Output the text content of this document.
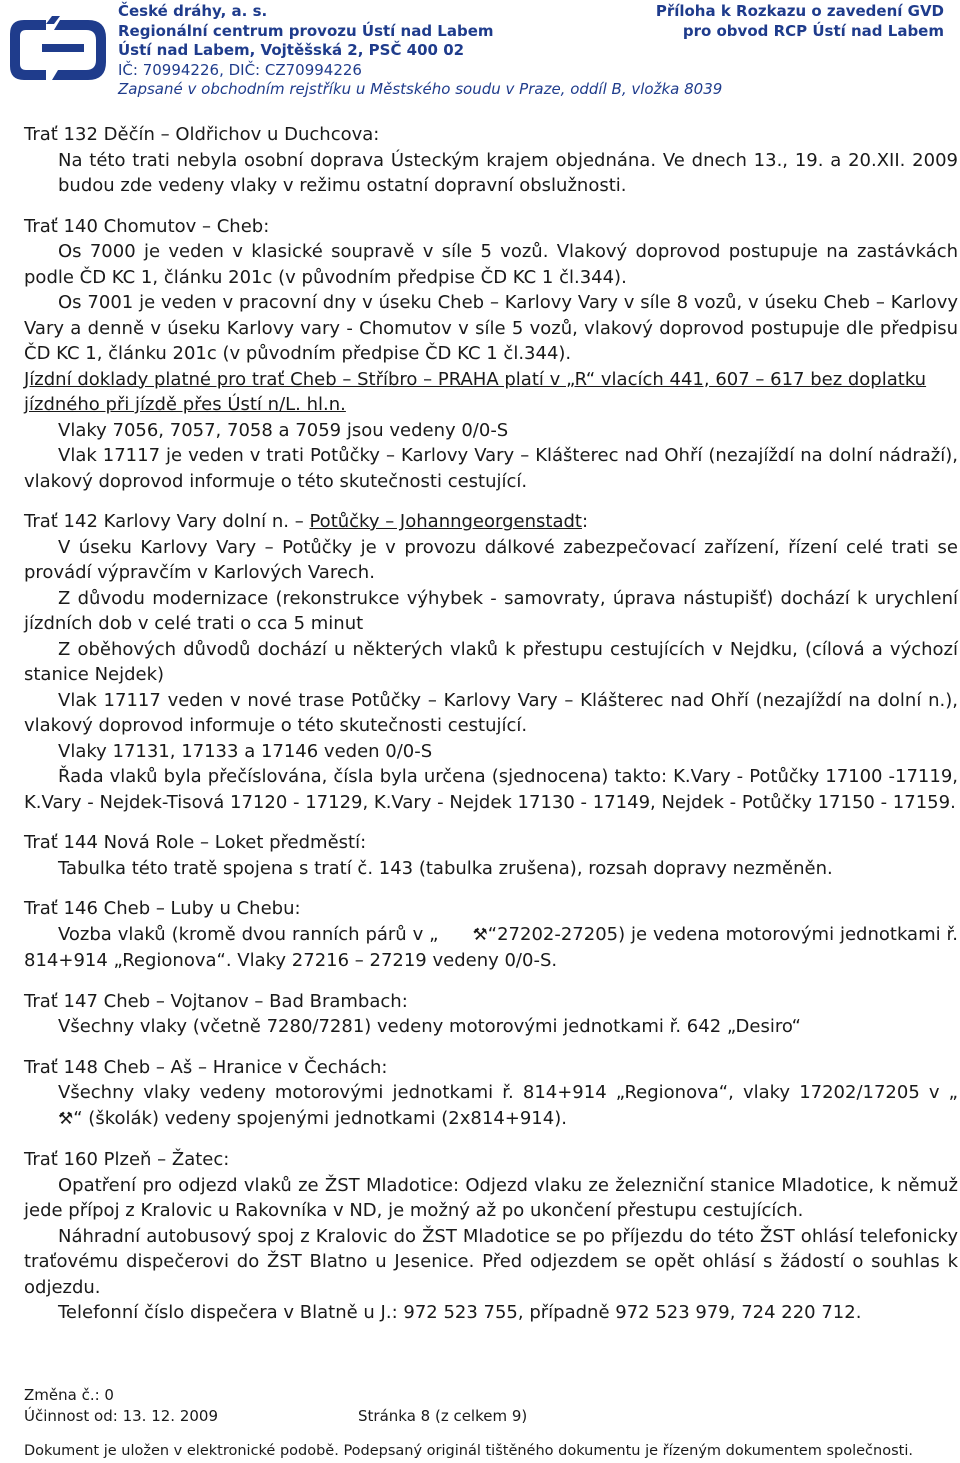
České dráhy, a. s.
Regionální centrum provozu Ústí nad Labem
Ústí nad Labem, Vojtěšská 2, PSČ 400 02
IČ: 70994226, DIČ: CZ70994226
Zapsané v obchodním rejstříku u Městského soudu v Praze, oddíl B, vložka 8039
Příloha k Rozkazu o zavedení GVD
pro obvod RCP Ústí nad Labem

Trať 132 Děčín – Oldřichov u Duchcova:

Na této trati nebyla osobní doprava Ústeckým krajem objednána. Ve dnech 13., 19. a 20.XII. 2009 budou zde vedeny vlaky v režimu ostatní dopravní obslužnosti.

Trať 140 Chomutov – Cheb:

Os 7000 je veden v klasické soupravě v síle 5 vozů. Vlakový doprovod postupuje na zastávkách podle ČD KC 1, článku 201c (v původním předpise ČD KC 1 čl.344).

Os 7001 je veden v pracovní dny v úseku Cheb – Karlovy Vary v síle 8 vozů, v úseku Cheb – Karlovy Vary a denně v úseku Karlovy vary - Chomutov v síle 5 vozů, vlakový doprovod postupuje dle předpisu ČD KC 1, článku 201c (v původním předpise ČD KC 1 čl.344).

Jízdní doklady platné pro trať Cheb – Stříbro – PRAHA platí v „R“ vlacích 441, 607 – 617 bez doplatku jízdného při jízdě přes Ústí n/L. hl.n.

Vlaky 7056, 7057, 7058 a 7059 jsou vedeny 0/0-S

Vlak 17117 je veden v trati Potůčky – Karlovy Vary – Klášterec nad Ohří (nezajíždí na dolní nádraží), vlakový doprovod informuje o této skutečnosti cestující.

Trať 142 Karlovy Vary dolní n. – Potůčky – Johanngeorgenstadt:

V úseku Karlovy Vary – Potůčky je v provozu dálkové zabezpečovací zařízení, řízení celé trati se provádí výpravčím v Karlových Varech.

Z důvodu modernizace (rekonstrukce výhybek - samovraty, úprava nástupišť) dochází k urychlení jízdních dob v celé trati o cca 5 minut

Z oběhových důvodů dochází u některých vlaků k přestupu cestujících v Nejdku, (cílová a výchozí stanice Nejdek)

Vlak 17117 veden v nové trase Potůčky – Karlovy Vary – Klášterec nad Ohří (nezajíždí na dolní n.), vlakový doprovod informuje o této skutečnosti cestující.

Vlaky 17131, 17133 a 17146 veden 0/0-S

Řada vlaků byla přečíslována, čísla byla určena (sjednocena) takto: K.Vary - Potůčky 17100 -17119, K.Vary - Nejdek-Tisová 17120 - 17129, K.Vary - Nejdek 17130 - 17149, Nejdek - Potůčky 17150 - 17159.

Trať 144 Nová Role – Loket předměstí:

Tabulka této tratě spojena s tratí č. 143 (tabulka zrušena), rozsah dopravy nezměněn.

Trať 146 Cheb – Luby u Chebu:

Vozba vlaků (kromě dvou ranních párů v „ ⚒“27202-27205) je vedena motorovými jednotkami ř. 814+914 „Regionova“. Vlaky 27216 – 27219 vedeny 0/0-S.

Trať 147 Cheb – Vojtanov – Bad Brambach:

Všechny vlaky (včetně 7280/7281) vedeny motorovými jednotkami ř. 642 „Desiro“

Trať 148 Cheb – Aš – Hranice v Čechách:

Všechny vlaky vedeny motorovými jednotkami ř. 814+914 „Regionova“, vlaky 17202/17205 v „⚒“ (školák) vedeny spojenými jednotkami (2x814+914).

Trať 160 Plzeň – Žatec:

Opatření pro odjezd vlaků ze ŽST Mladotice: Odjezd vlaku ze železniční stanice Mladotice, k němuž jede přípoj z Kralovic u Rakovníka v ND, je možný až po ukončení přestupu cestujících.

Náhradní autobusový spoj z Kralovic do ŽST Mladotice se po příjezdu do této ŽST ohlásí telefonicky traťovému dispečerovi do ŽST Blatno u Jesenice. Před odjezdem se opět ohlásí s žádostí o souhlas k odjezdu.

Telefonní číslo dispečera v Blatně u J.: 972 523 755, případně 972 523 979, 724 220 712.

Změna č.: 0
Účinnost od: 13. 12. 2009	Stránka 8 (z celkem 9)
Dokument je uložen v elektronické podobě. Podepsaný originál tištěného dokumentu je řízeným dokumentem společnosti.
